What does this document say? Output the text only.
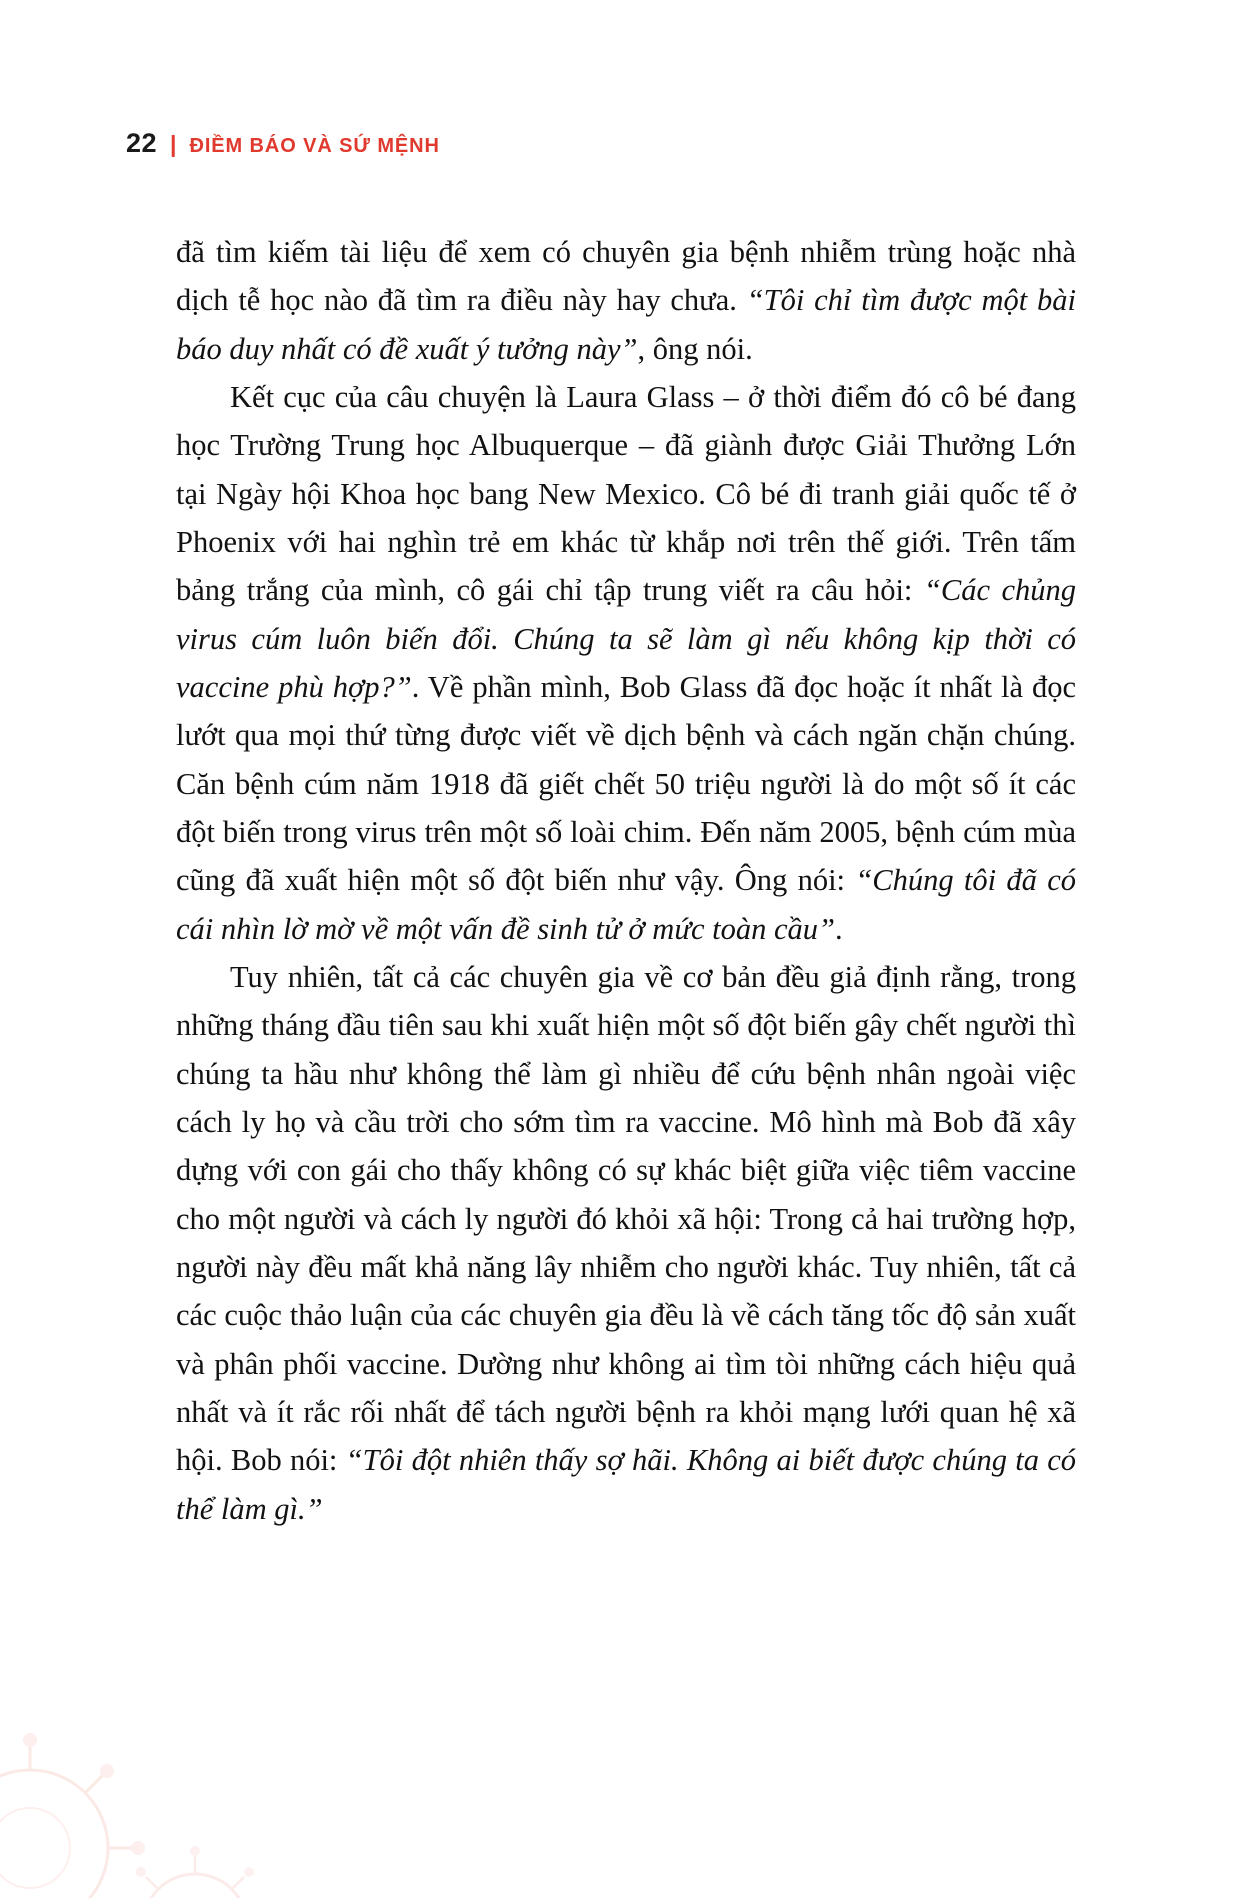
22 | ĐIỀM BÁO VÀ SỨ MỆNH

đã tìm kiếm tài liệu để xem có chuyên gia bệnh nhiễm trùng hoặc nhà dịch tễ học nào đã tìm ra điều này hay chưa. “Tôi chỉ tìm được một bài báo duy nhất có đề xuất ý tưởng này”, ông nói.

Kết cục của câu chuyện là Laura Glass – ở thời điểm đó cô bé đang học Trường Trung học Albuquerque – đã giành được Giải Thưởng Lớn tại Ngày hội Khoa học bang New Mexico. Cô bé đi tranh giải quốc tế ở Phoenix với hai nghìn trẻ em khác từ khắp nơi trên thế giới. Trên tấm bảng trắng của mình, cô gái chỉ tập trung viết ra câu hỏi: “Các chủng virus cúm luôn biến đổi. Chúng ta sẽ làm gì nếu không kịp thời có vaccine phù hợp?”. Về phần mình, Bob Glass đã đọc hoặc ít nhất là đọc lướt qua mọi thứ từng được viết về dịch bệnh và cách ngăn chặn chúng. Căn bệnh cúm năm 1918 đã giết chết 50 triệu người là do một số ít các đột biến trong virus trên một số loài chim. Đến năm 2005, bệnh cúm mùa cũng đã xuất hiện một số đột biến như vậy. Ông nói: “Chúng tôi đã có cái nhìn lờ mờ về một vấn đề sinh tử ở mức toàn cầu”.

Tuy nhiên, tất cả các chuyên gia về cơ bản đều giả định rằng, trong những tháng đầu tiên sau khi xuất hiện một số đột biến gây chết người thì chúng ta hầu như không thể làm gì nhiều để cứu bệnh nhân ngoài việc cách ly họ và cầu trời cho sớm tìm ra vaccine. Mô hình mà Bob đã xây dựng với con gái cho thấy không có sự khác biệt giữa việc tiêm vaccine cho một người và cách ly người đó khỏi xã hội: Trong cả hai trường hợp, người này đều mất khả năng lây nhiễm cho người khác. Tuy nhiên, tất cả các cuộc thảo luận của các chuyên gia đều là về cách tăng tốc độ sản xuất và phân phối vaccine. Dường như không ai tìm tòi những cách hiệu quả nhất và ít rắc rối nhất để tách người bệnh ra khỏi mạng lưới quan hệ xã hội. Bob nói: “Tôi đột nhiên thấy sợ hãi. Không ai biết được chúng ta có thể làm gì.”
